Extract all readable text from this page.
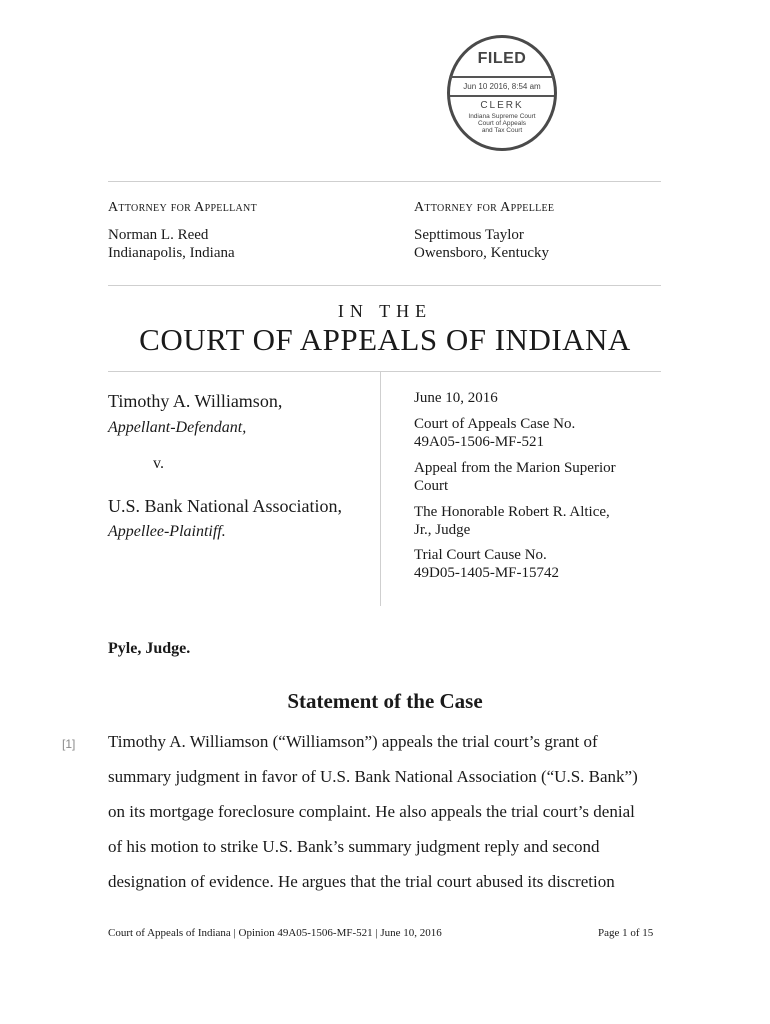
FILED
Jun 10 2016, 8:54 am
CLERK
Indiana Supreme Court
Court of Appeals
and Tax Court
Attorney for Appellant
Norman L. Reed
Indianapolis, Indiana
Attorney for Appellee
Septtimous Taylor
Owensboro, Kentucky
IN THE
COURT OF APPEALS OF INDIANA
Timothy A. Williamson,
Appellant-Defendant,
v.
U.S. Bank National Association,
Appellee-Plaintiff.
June 10, 2016
Court of Appeals Case No.
49A05-1506-MF-521
Appeal from the Marion Superior
Court
The Honorable Robert R. Altice,
Jr., Judge
Trial Court Cause No.
49D05-1405-MF-15742
Pyle, Judge.
Statement of the Case
[1] Timothy A. Williamson (“Williamson”) appeals the trial court’s grant of
summary judgment in favor of U.S. Bank National Association (“U.S. Bank”)
on its mortgage foreclosure complaint. He also appeals the trial court’s denial
of his motion to strike U.S. Bank’s summary judgment reply and second
designation of evidence. He argues that the trial court abused its discretion
Court of Appeals of Indiana | Opinion 49A05-1506-MF-521 | June 10, 2016	Page 1 of 15
